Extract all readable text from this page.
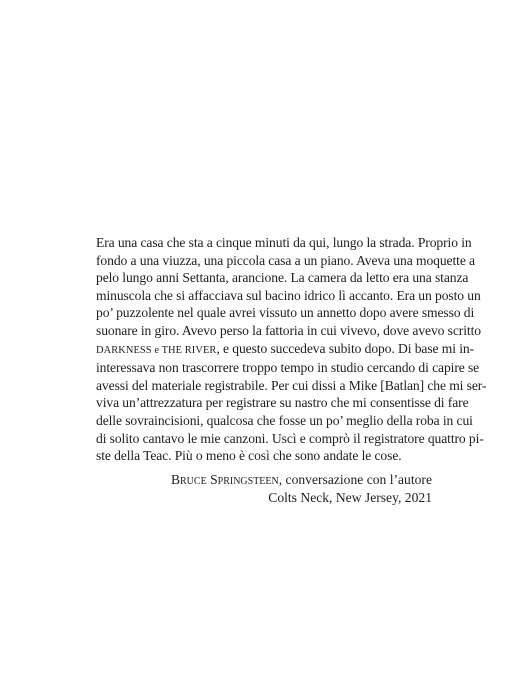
Era una casa che sta a cinque minuti da qui, lungo la strada. Proprio in
fondo a una viuzza, una piccola casa a un piano. Aveva una moquette a
pelo lungo anni Settanta, arancione. La camera da letto era una stanza
minuscola che si affacciava sul bacino idrico lì accanto. Era un posto un
po’ puzzolente nel quale avrei vissuto un annetto dopo avere smesso di
suonare in giro. Avevo perso la fattoria in cui vivevo, dove avevo scritto
DARKNESS e THE RIVER, e questo succedeva subito dopo. Di base mi in-
interessava non trascorrere troppo tempo in studio cercando di capire se
avessi del materiale registrabile. Per cui dissi a Mike [Batlan] che mi ser-
viva un’attrezzatura per registrare su nastro che mi consentisse di fare
delle sovraincisioni, qualcosa che fosse un po’ meglio della roba in cui
di solito cantavo le mie canzoni. Uscì e comprò il registratore quattro pi-
ste della Teac. Più o meno è così che sono andate le cose.
Bruce Springsteen, conversazione con l’autore
Colts Neck, New Jersey, 2021
